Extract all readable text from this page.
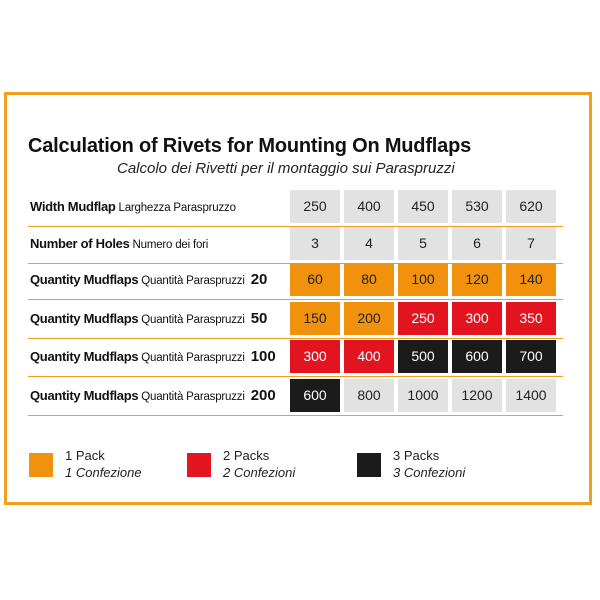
Calculation of Rivets for Mounting On Mudflaps
Calcolo dei Rivetti per il montaggio sui Paraspruzzi
Width Mudflap Larghezza Paraspruzzo	250	400	450	530	620
Number of Holes Numero dei fori	3	4	5	6	7
Quantity Mudflaps Quantità Paraspruzzi 20	60	80	100	120	140
Quantity Mudflaps Quantità Paraspruzzi 50	150	200	250	300	350
Quantity Mudflaps Quantità Paraspruzzi 100	300	400	500	600	700
Quantity Mudflaps Quantità Paraspruzzi 200	600	800	1000	1200	1400
1 Pack
1 Confezione
2 Packs
2 Confezioni
3 Packs
3 Confezioni
